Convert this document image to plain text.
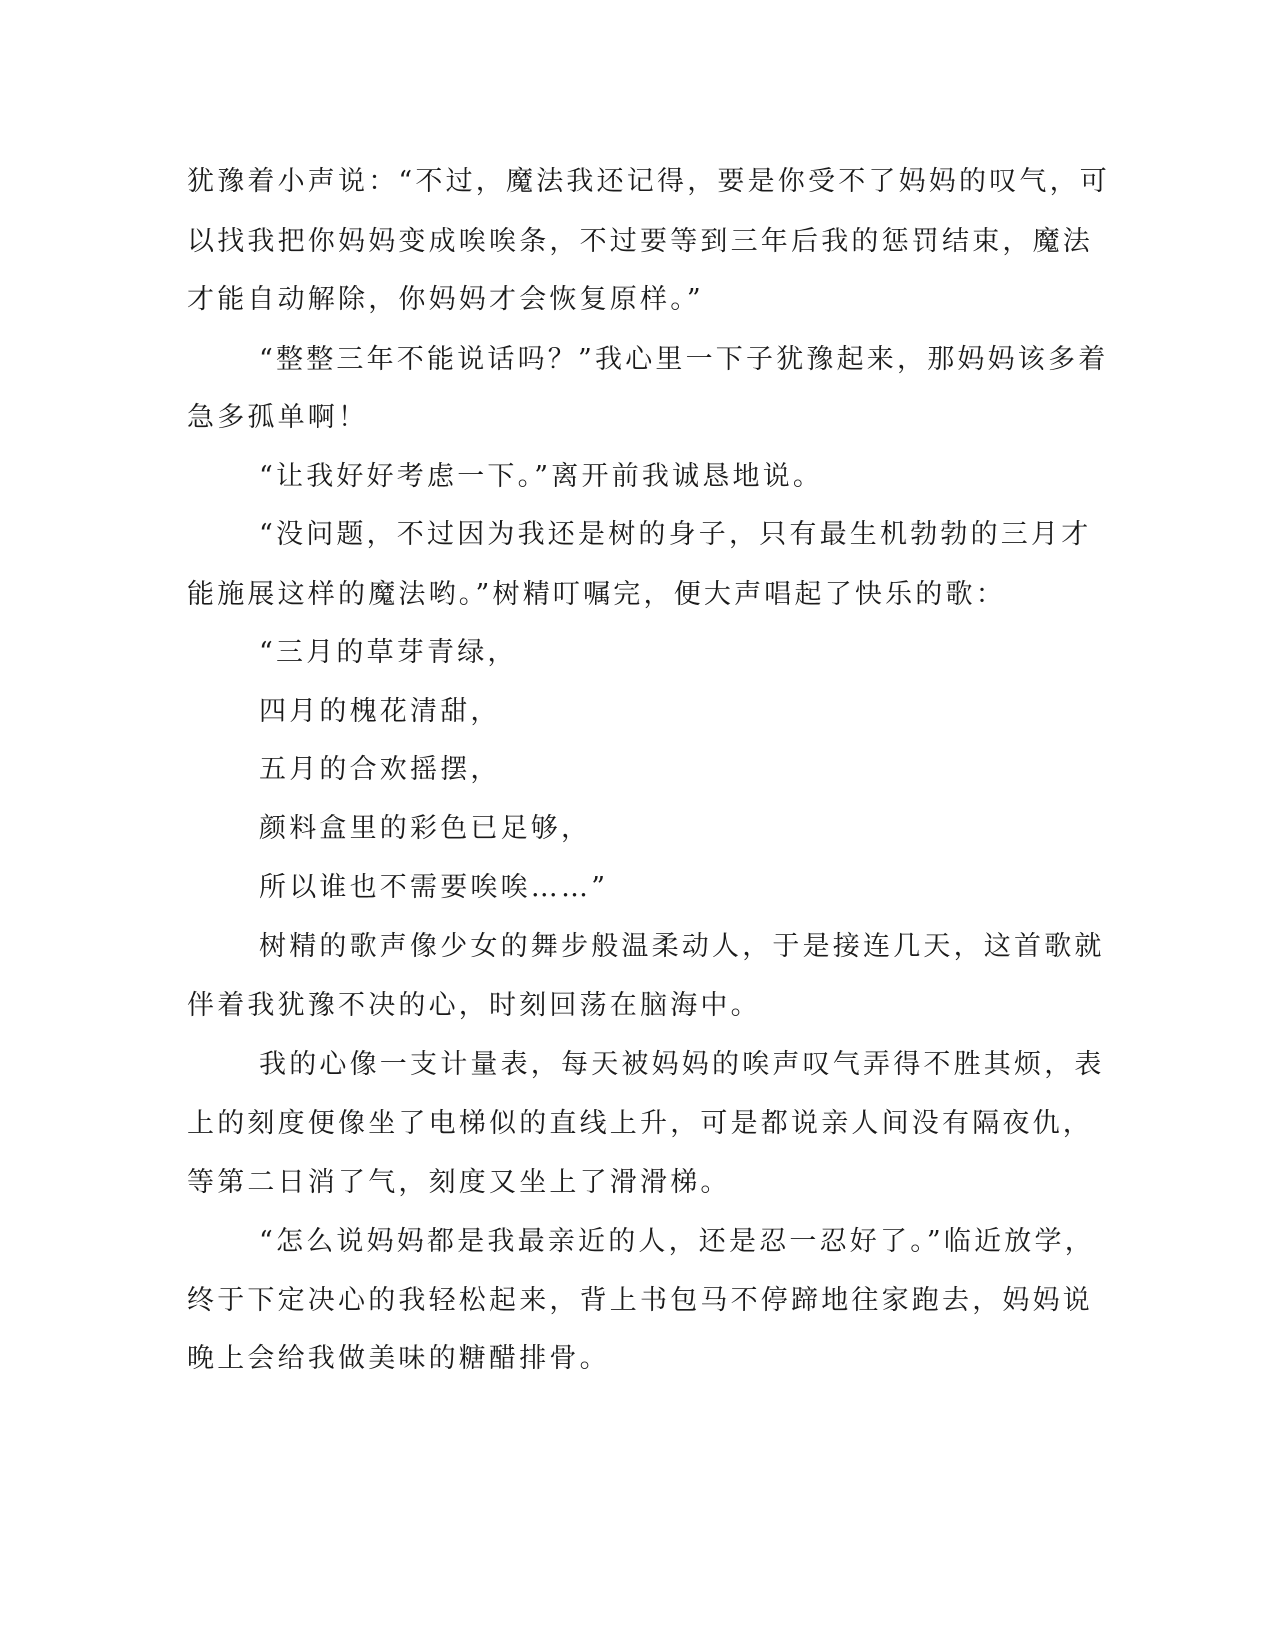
犹豫着小声说：“不过，魔法我还记得，要是你受不了妈妈的叹气，可
以找我把你妈妈变成唉唉条，不过要等到三年后我的惩罚结束，魔法
才能自动解除，你妈妈才会恢复原样。”
“整整三年不能说话吗？”我心里一下子犹豫起来，那妈妈该多着
急多孤单啊！
“让我好好考虑一下。”离开前我诚恳地说。
“没问题，不过因为我还是树的身子，只有最生机勃勃的三月才
能施展这样的魔法哟。”树精叮嘱完，便大声唱起了快乐的歌：
“三月的草芽青绿，
四月的槐花清甜，
五月的合欢摇摆，
颜料盒里的彩色已足够，
所以谁也不需要唉唉……”
树精的歌声像少女的舞步般温柔动人，于是接连几天，这首歌就
伴着我犹豫不决的心，时刻回荡在脑海中。
我的心像一支计量表，每天被妈妈的唉声叹气弄得不胜其烦，表
上的刻度便像坐了电梯似的直线上升，可是都说亲人间没有隔夜仇，
等第二日消了气，刻度又坐上了滑滑梯。
“怎么说妈妈都是我最亲近的人，还是忍一忍好了。”临近放学，
终于下定决心的我轻松起来，背上书包马不停蹄地往家跑去，妈妈说
晚上会给我做美味的糖醋排骨。
